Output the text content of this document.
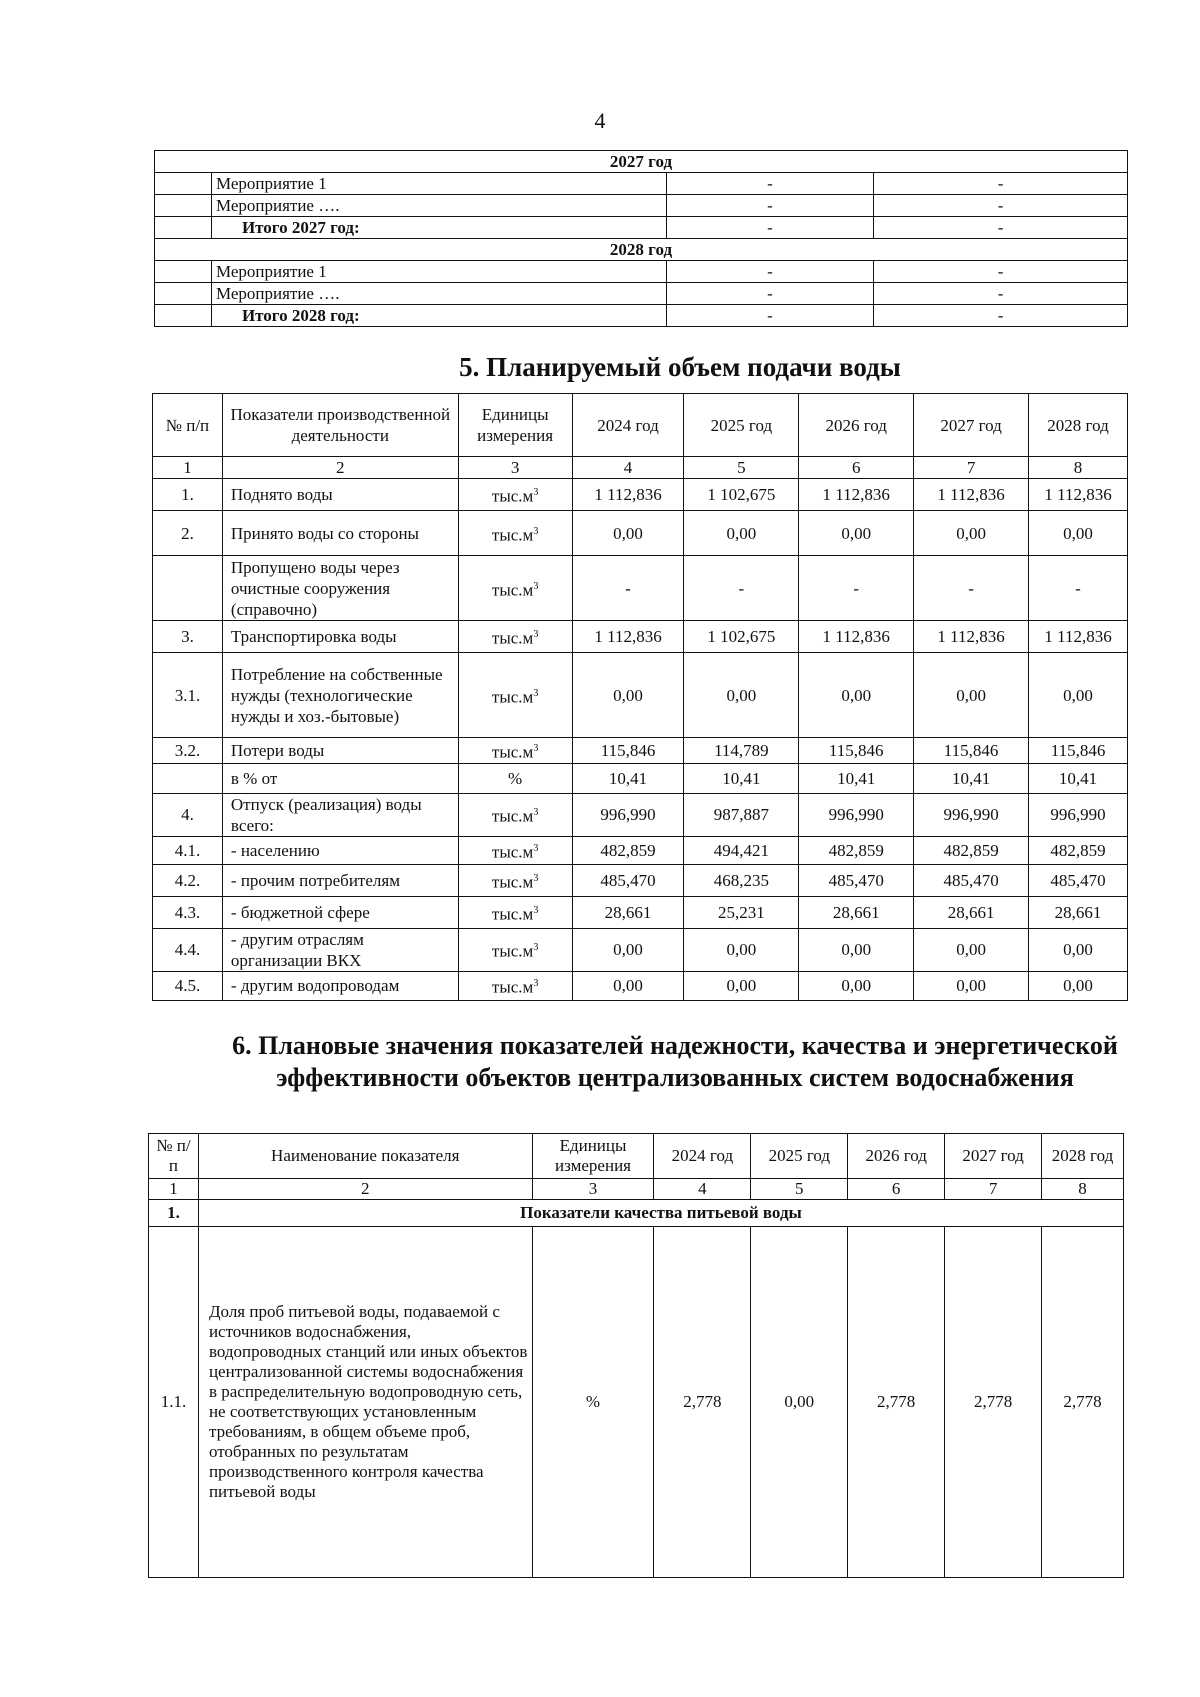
4
2027 год			
	Мероприятие 1	-	-
	Мероприятие ….	-	-
	Итого 2027 год:	-	-
2028 год			
	Мероприятие 1	-	-
	Мероприятие ….	-	-
	Итого 2028 год:	-	-
5. Планируемый объем подачи воды
№ п/п	Показатели производственной деятельности	Единицы измерения	2024 год	2025 год	2026 год	2027 год	2028 год
1	2	3	4	5	6	7	8
1.	Поднято воды	$тыс.м^3$	1 112,836	1 102,675	1 112,836	1 112,836	1 112,836
2.	Принято воды со стороны	$тыс.м^3$	0,00	0,00	0,00	0,00	0,00
	Пропущено воды через очистные сооружения (справочно)	$тыс.м^3$	-	-	-	-	-
3.	Транспортировка воды	$тыс.м^3$	1 112,836	1 102,675	1 112,836	1 112,836	1 112,836
3.1.	Потребление на собственные нужды (технологические нужды и хоз.-бытовые)	$тыс.м^3$	0,00	0,00	0,00	0,00	0,00
3.2.	Потери воды	$тыс.м^3$	115,846	114,789	115,846	115,846	115,846
	в % от	%	10,41	10,41	10,41	10,41	10,41
4.	Отпуск (реализация) воды всего:	$тыс.м^3$	996,990	987,887	996,990	996,990	996,990
4.1.	- населению	$тыс.м^3$	482,859	494,421	482,859	482,859	482,859
4.2.	- прочим потребителям	$тыс.м^3$	485,470	468,235	485,470	485,470	485,470
4.3.	- бюджетной сфере	$тыс.м^3$	28,661	25,231	28,661	28,661	28,661
4.4.	- другим отраслям организации ВКХ	$тыс.м^3$	0,00	0,00	0,00	0,00	0,00
4.5.	- другим водопроводам	$тыс.м^3$	0,00	0,00	0,00	0,00	0,00
6. Плановые значения показателей надежности, качества и энергетической эффективности объектов централизованных систем водоснабжения
№ п/п	Наименование показателя	Единицы измерения	2024 год	2025 год	2026 год	2027 год	2028 год
1	2	3	4	5	6	7	8
1.	Показатели качества питьевой воды						
1.1.	Доля проб питьевой воды, подаваемой с источников водоснабжения, водопроводных станций или иных объектов централизованной системы водоснабжения в распределительную водопроводную сеть, не соответствующих установленным требованиям, в общем объеме проб, отобранных по результатам производственного контроля качества питьевой воды	%	2,778	0,00	2,778	2,778	2,778
